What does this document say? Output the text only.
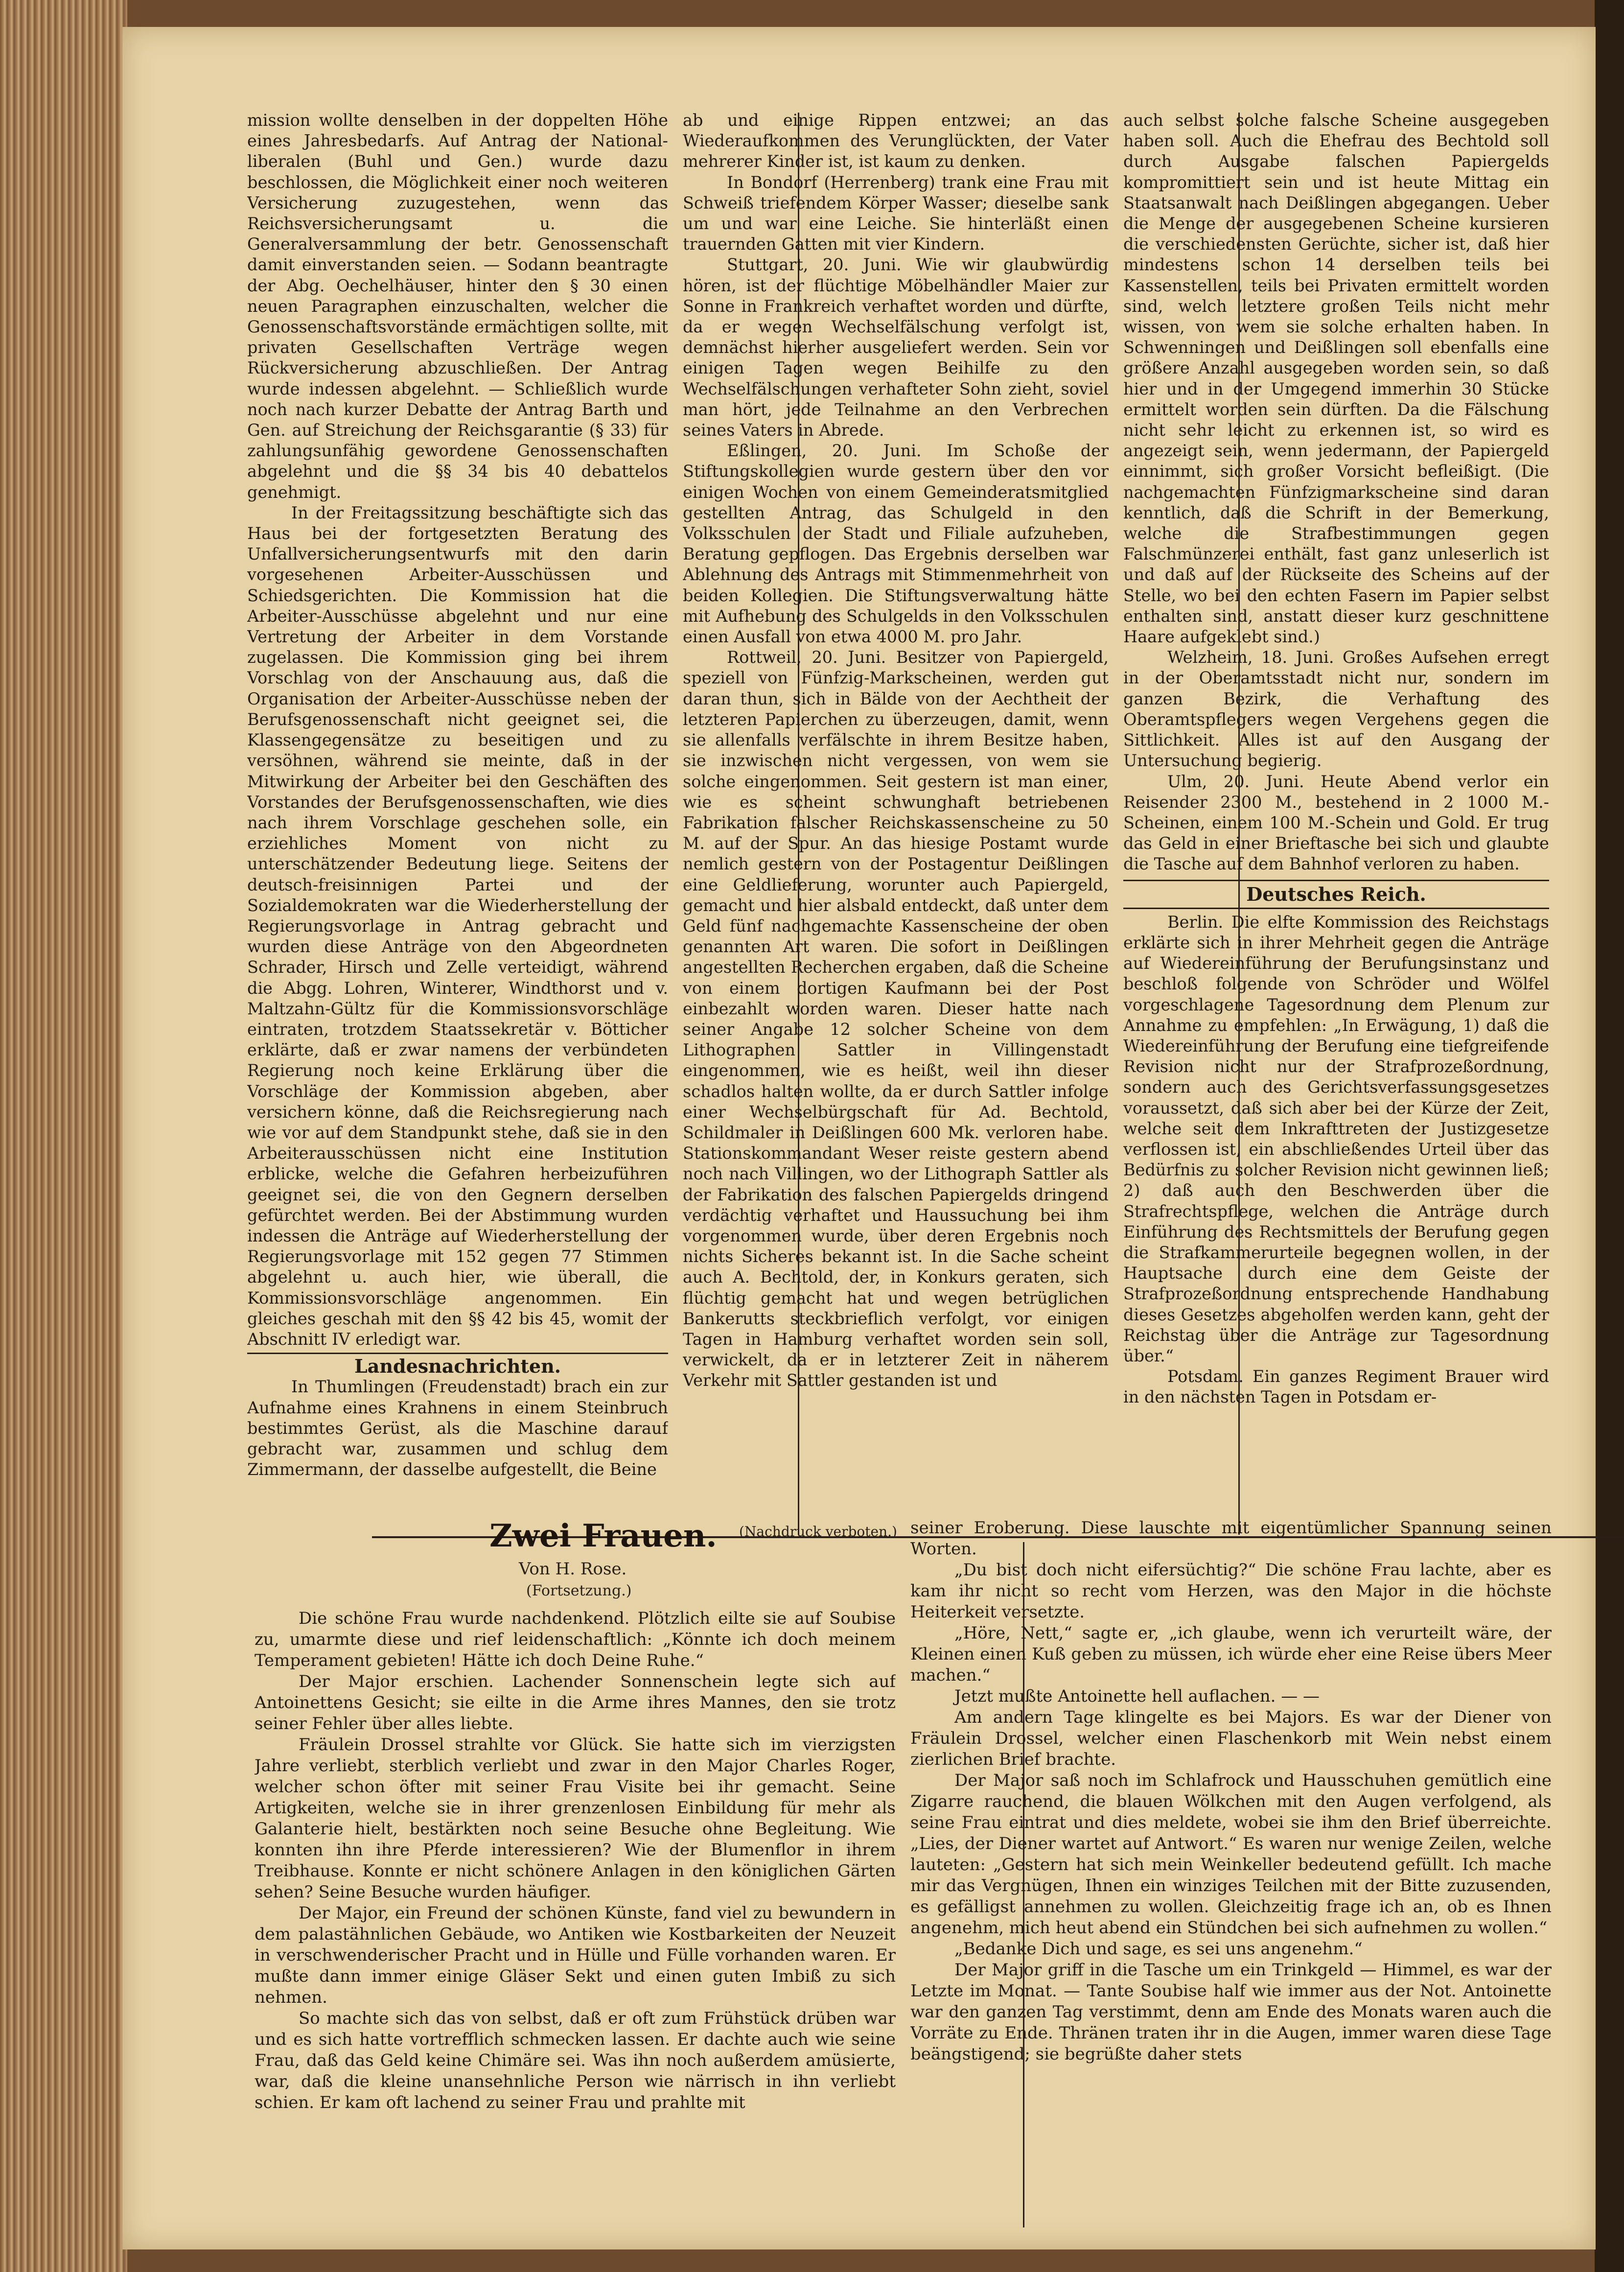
mission wollte denselben in der doppelten Höhe eines Jahresbedarfs. Auf Antrag der National-liberalen (Buhl und Gen.) wurde dazu beschlossen, die Möglichkeit einer noch weiteren Versicherung zuzugestehen, wenn das Reichsversicherungsamt u. die Generalversammlung der betr. Genossenschaft damit einverstanden seien. — Sodann beantragte der Abg. Oechelhäuser, hinter den § 30 einen neuen Paragraphen einzuschalten, welcher die Genossenschaftsvorstände ermächtigen sollte, mit privaten Gesellschaften Verträge wegen Rückversicherung abzuschließen. Der Antrag wurde indessen abgelehnt. — Schließlich wurde noch nach kurzer Debatte der Antrag Barth und Gen. auf Streichung der Reichsgarantie (§ 33) für zahlungsunfähig gewordene Genossenschaften abgelehnt und die §§ 34 bis 40 debattelos genehmigt.

In der Freitagssitzung beschäftigte sich das Haus bei der fortgesetzten Beratung des Unfallversicherungsentwurfs mit den darin vorgesehenen Arbeiter-Ausschüssen und Schiedsgerichten. Die Kommission hat die Arbeiter-Ausschüsse abgelehnt und nur eine Vertretung der Arbeiter in dem Vorstande zugelassen. Die Kommission ging bei ihrem Vorschlag von der Anschauung aus, daß die Organisation der Arbeiter-Ausschüsse neben der Berufsgenossenschaft nicht geeignet sei, die Klassengegensätze zu beseitigen und zu versöhnen, während sie meinte, daß in der Mitwirkung der Arbeiter bei den Geschäften des Vorstandes der Berufsgenossenschaften, wie dies nach ihrem Vorschlage geschehen solle, ein erziehliches Moment von nicht zu unterschätzender Bedeutung liege. Seitens der deutsch-freisinnigen Partei und der Sozialdemokraten war die Wiederherstellung der Regierungsvorlage in Antrag gebracht und wurden diese Anträge von den Abgeordneten Schrader, Hirsch und Zelle verteidigt, während die Abgg. Lohren, Winterer, Windthorst und v. Maltzahn-Gültz für die Kommissionsvorschläge eintraten, trotzdem Staatssekretär v. Bötticher erklärte, daß er zwar namens der verbündeten Regierung noch keine Erklärung über die Vorschläge der Kommission abgeben, aber versichern könne, daß die Reichsregierung nach wie vor auf dem Standpunkt stehe, daß sie in den Arbeiterausschüssen nicht eine Institution erblicke, welche die Gefahren herbeizuführen geeignet sei, die von den Gegnern derselben gefürchtet werden. Bei der Abstimmung wurden indessen die Anträge auf Wiederherstellung der Regierungsvorlage mit 152 gegen 77 Stimmen abgelehnt u. auch hier, wie überall, die Kommissionsvorschläge angenommen. Ein gleiches geschah mit den §§ 42 bis 45, womit der Abschnitt IV erledigt war.

Landesnachrichten.

In Thumlingen (Freudenstadt) brach ein zur Aufnahme eines Krahnens in einem Steinbruch bestimmtes Gerüst, als die Maschine darauf gebracht war, zusammen und schlug dem Zimmermann, der dasselbe aufgestellt, die Beine

ab und einige Rippen entzwei; an das Wiederaufkommen des Verunglückten, der Vater mehrerer Kinder ist, ist kaum zu denken.

In Bondorf (Herrenberg) trank eine Frau mit Schweiß triefendem Körper Wasser; dieselbe sank um und war eine Leiche. Sie hinterläßt einen trauernden Gatten mit vier Kindern.

Stuttgart, 20. Juni. Wie wir glaubwürdig hören, ist der flüchtige Möbelhändler Maier zur Sonne in Frankreich verhaftet worden und dürfte, da er wegen Wechselfälschung verfolgt ist, demnächst hierher ausgeliefert werden. Sein vor einigen Tagen wegen Beihilfe zu den Wechselfälschungen verhafteter Sohn zieht, soviel man hört, jede Teilnahme an den Verbrechen seines Vaters in Abrede.

Eßlingen, 20. Juni. Im Schoße der Stiftungskollegien wurde gestern über den vor einigen Wochen von einem Gemeinderatsmitglied gestellten Antrag, das Schulgeld in den Volksschulen der Stadt und Filiale aufzuheben, Beratung gepflogen. Das Ergebnis derselben war Ablehnung des Antrags mit Stimmenmehrheit von beiden Kollegien. Die Stiftungsverwaltung hätte mit Aufhebung des Schulgelds in den Volksschulen einen Ausfall von etwa 4000 M. pro Jahr.

Rottweil, 20. Juni. Besitzer von Papiergeld, speziell von Fünfzig-Markscheinen, werden gut daran thun, sich in Bälde von der Aechtheit der letzteren Papierchen zu überzeugen, damit, wenn sie allenfalls verfälschte in ihrem Besitze haben, sie inzwischen nicht vergessen, von wem sie solche eingenommen. Seit gestern ist man einer, wie es scheint schwunghaft betriebenen Fabrikation falscher Reichskassenscheine zu 50 M. auf der Spur. An das hiesige Postamt wurde nemlich gestern von der Postagentur Deißlingen eine Geldlieferung, worunter auch Papiergeld, gemacht und hier alsbald entdeckt, daß unter dem Geld fünf nachgemachte Kassenscheine der oben genannten Art waren. Die sofort in Deißlingen angestellten Recherchen ergaben, daß die Scheine von einem dortigen Kaufmann bei der Post einbezahlt worden waren. Dieser hatte nach seiner Angabe 12 solcher Scheine von dem Lithographen Sattler in Villingenstadt eingenommen, wie es heißt, weil ihn dieser schadlos halten wollte, da er durch Sattler infolge einer Wechselbürgschaft für Ad. Bechtold, Schildmaler in Deißlingen 600 Mk. verloren habe. Stationskommandant Weser reiste gestern abend noch nach Villingen, wo der Lithograph Sattler als der Fabrikation des falschen Papiergelds dringend verdächtig verhaftet und Haussuchung bei ihm vorgenommen wurde, über deren Ergebnis noch nichts Sicheres bekannt ist. In die Sache scheint auch A. Bechtold, der, in Konkurs geraten, sich flüchtig gemacht hat und wegen betrüglichen Bankerutts steckbrieflich verfolgt, vor einigen Tagen in Hamburg verhaftet worden sein soll, verwickelt, da er in letzterer Zeit in näherem Verkehr mit Sattler gestanden ist und

auch selbst solche falsche Scheine ausgegeben haben soll. Auch die Ehefrau des Bechtold soll durch Ausgabe falschen Papiergelds kompromittiert sein und ist heute Mittag ein Staatsanwalt nach Deißlingen abgegangen. Ueber die Menge der ausgegebenen Scheine kursieren die verschiedensten Gerüchte, sicher ist, daß hier mindestens schon 14 derselben teils bei Kassenstellen, teils bei Privaten ermittelt worden sind, welch letztere großen Teils nicht mehr wissen, von wem sie solche erhalten haben. In Schwenningen und Deißlingen soll ebenfalls eine größere Anzahl ausgegeben worden sein, so daß hier und in der Umgegend immerhin 30 Stücke ermittelt worden sein dürften. Da die Fälschung nicht sehr leicht zu erkennen ist, so wird es angezeigt sein, wenn jedermann, der Papiergeld einnimmt, sich großer Vorsicht befleißigt. (Die nachgemachten Fünfzigmarkscheine sind daran kenntlich, daß die Schrift in der Bemerkung, welche die Strafbestimmungen gegen Falschmünzerei enthält, fast ganz unleserlich ist und daß auf der Rückseite des Scheins auf der Stelle, wo bei den echten Fasern im Papier selbst enthalten sind, anstatt dieser kurz geschnittene Haare aufgeklebt sind.)

Welzheim, 18. Juni. Großes Aufsehen erregt in der Oberamtsstadt nicht nur, sondern im ganzen Bezirk, die Verhaftung des Oberamtspflegers wegen Vergehens gegen die Sittlichkeit. Alles ist auf den Ausgang der Untersuchung begierig.

Ulm, 20. Juni. Heute Abend verlor ein Reisender 2300 M., bestehend in 2 1000 M.-Scheinen, einem 100 M.-Schein und Gold. Er trug das Geld in einer Brieftasche bei sich und glaubte die Tasche auf dem Bahnhof verloren zu haben.

Deutsches Reich.

Berlin. Die elfte Kommission des Reichstags erklärte sich in ihrer Mehrheit gegen die Anträge auf Wiedereinführung der Berufungsinstanz und beschloß folgende von Schröder und Wölfel vorgeschlagene Tagesordnung dem Plenum zur Annahme zu empfehlen: „In Erwägung, 1) daß die Wiedereinführung der Berufung eine tiefgreifende Revision nicht nur der Strafprozeßordnung, sondern auch des Gerichtsverfassungsgesetzes voraussetzt, daß sich aber bei der Kürze der Zeit, welche seit dem Inkrafttreten der Justizgesetze verflossen ist, ein abschließendes Urteil über das Bedürfnis zu solcher Revision nicht gewinnen ließ; 2) daß auch den Beschwerden über die Strafrechtspflege, welchen die Anträge durch Einführung des Rechtsmittels der Berufung gegen die Strafkammerurteile begegnen wollen, in der Hauptsache durch eine dem Geiste der Strafprozeßordnung entsprechende Handhabung dieses Gesetzes abgeholfen werden kann, geht der Reichstag über die Anträge zur Tagesordnung über.“

Potsdam. Ein ganzes Regiment Brauer wird in den nächsten Tagen in Potsdam er-

Zwei Frauen. (Nachdruck verboten.)
Von H. Rose.
(Fortsetzung.)

Die schöne Frau wurde nachdenkend. Plötzlich eilte sie auf Soubise zu, umarmte diese und rief leidenschaftlich: „Könnte ich doch meinem Temperament gebieten! Hätte ich doch Deine Ruhe.“

Der Major erschien. Lachender Sonnenschein legte sich auf Antoinettens Gesicht; sie eilte in die Arme ihres Mannes, den sie trotz seiner Fehler über alles liebte.

Fräulein Drossel strahlte vor Glück. Sie hatte sich im vierzigsten Jahre verliebt, sterblich verliebt und zwar in den Major Charles Roger, welcher schon öfter mit seiner Frau Visite bei ihr gemacht. Seine Artigkeiten, welche sie in ihrer grenzenlosen Einbildung für mehr als Galanterie hielt, bestärkten noch seine Besuche ohne Begleitung. Wie konnten ihn ihre Pferde interessieren? Wie der Blumenflor in ihrem Treibhause. Konnte er nicht schönere Anlagen in den königlichen Gärten sehen? Seine Besuche wurden häufiger.

Der Major, ein Freund der schönen Künste, fand viel zu bewundern in dem palastähnlichen Gebäude, wo Antiken wie Kostbarkeiten der Neuzeit in verschwenderischer Pracht und in Hülle und Fülle vorhanden waren. Er mußte dann immer einige Gläser Sekt und einen guten Imbiß zu sich nehmen.

So machte sich das von selbst, daß er oft zum Frühstück drüben war und es sich hatte vortrefflich schmecken lassen. Er dachte auch wie seine Frau, daß das Geld keine Chimäre sei. Was ihn noch außerdem amüsierte, war, daß die kleine unansehnliche Person wie närrisch in ihn verliebt schien. Er kam oft lachend zu seiner Frau und prahlte mit

seiner Eroberung. Diese lauschte mit eigentümlicher Spannung seinen Worten.

„Du bist doch nicht eifersüchtig?“ Die schöne Frau lachte, aber es kam ihr nicht so recht vom Herzen, was den Major in die höchste Heiterkeit versetzte.

„Höre, Nett,“ sagte er, „ich glaube, wenn ich verurteilt wäre, der Kleinen einen Kuß geben zu müssen, ich würde eher eine Reise übers Meer machen.“

Jetzt mußte Antoinette hell auflachen. — —

Am andern Tage klingelte es bei Majors. Es war der Diener von Fräulein Drossel, welcher einen Flaschenkorb mit Wein nebst einem zierlichen Brief brachte.

Der Major saß noch im Schlafrock und Hausschuhen gemütlich eine Zigarre rauchend, die blauen Wölkchen mit den Augen verfolgend, als seine Frau eintrat und dies meldete, wobei sie ihm den Brief überreichte. „Lies, der Diener wartet auf Antwort.“ Es waren nur wenige Zeilen, welche lauteten: „Gestern hat sich mein Weinkeller bedeutend gefüllt. Ich mache mir das Vergnügen, Ihnen ein winziges Teilchen mit der Bitte zuzusenden, es gefälligst annehmen zu wollen. Gleichzeitig frage ich an, ob es Ihnen angenehm, mich heut abend ein Stündchen bei sich aufnehmen zu wollen.“

„Bedanke Dich und sage, es sei uns angenehm.“

Der Major griff in die Tasche um ein Trinkgeld — Himmel, es war der Letzte im Monat. — Tante Soubise half wie immer aus der Not. Antoinette war den ganzen Tag verstimmt, denn am Ende des Monats waren auch die Vorräte zu Ende. Thränen traten ihr in die Augen, immer waren diese Tage beängstigend; sie begrüßte daher stets
